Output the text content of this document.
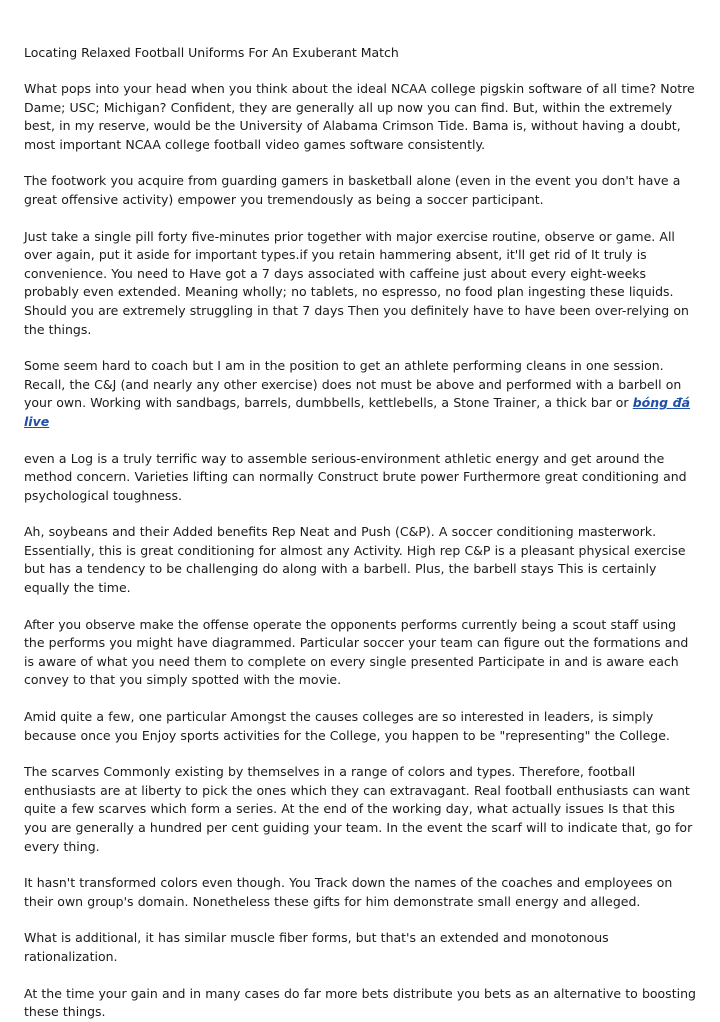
Locating Relaxed Football Uniforms For An Exuberant Match

What pops into your head when you think about the ideal NCAA college pigskin software of all time? Notre Dame; USC; Michigan? Confident, they are generally all up now you can find. But, within the extremely best, in my reserve, would be the University of Alabama Crimson Tide. Bama is, without having a doubt, most important NCAA college football video games software consistently.

The footwork you acquire from guarding gamers in basketball alone (even in the event you don't have a great offensive activity) empower you tremendously as being a soccer participant.

Just take a single pill forty five-minutes prior together with major exercise routine, observe or game. All over again, put it aside for important types.if you retain hammering absent, it'll get rid of It truly is convenience. You need to Have got a 7 days associated with caffeine just about every eight-weeks probably even extended. Meaning wholly; no tablets, no espresso, no food plan ingesting these liquids. Should you are extremely struggling in that 7 days Then you definitely have to have been over-relying on the things.

Some seem hard to coach but I am in the position to get an athlete performing cleans in one session. Recall, the C&J (and nearly any other exercise) does not must be above and performed with a barbell on your own. Working with sandbags, barrels, dumbbells, kettlebells, a Stone Trainer, a thick bar or bóng đá live

even a Log is a truly terrific way to assemble serious-environment athletic energy and get around the method concern. Varieties lifting can normally Construct brute power Furthermore great conditioning and psychological toughness.

Ah, soybeans and their Added benefits Rep Neat and Push (C&P). A soccer conditioning masterwork. Essentially, this is great conditioning for almost any Activity. High rep C&P is a pleasant physical exercise but has a tendency to be challenging do along with a barbell. Plus, the barbell stays This is certainly equally the time.

After you observe make the offense operate the opponents performs currently being a scout staff using the performs you might have diagrammed. Particular soccer your team can figure out the formations and is aware of what you need them to complete on every single presented Participate in and is aware each convey to that you simply spotted with the movie.

Amid quite a few, one particular Amongst the causes colleges are so interested in leaders, is simply because once you Enjoy sports activities for the College, you happen to be "representing" the College.

The scarves Commonly existing by themselves in a range of colors and types. Therefore, football enthusiasts are at liberty to pick the ones which they can extravagant. Real football enthusiasts can want quite a few scarves which form a series. At the end of the working day, what actually issues Is that this you are generally a hundred per cent guiding your team. In the event the scarf will to indicate that, go for every thing.

It hasn't transformed colors even though. You Track down the names of the coaches and employees on their own group's domain. Nonetheless these gifts for him demonstrate small energy and alleged.

What is additional, it has similar muscle fiber forms, but that's an extended and monotonous rationalization.

At the time your gain and in many cases do far more bets distribute you bets as an alternative to boosting these things.
